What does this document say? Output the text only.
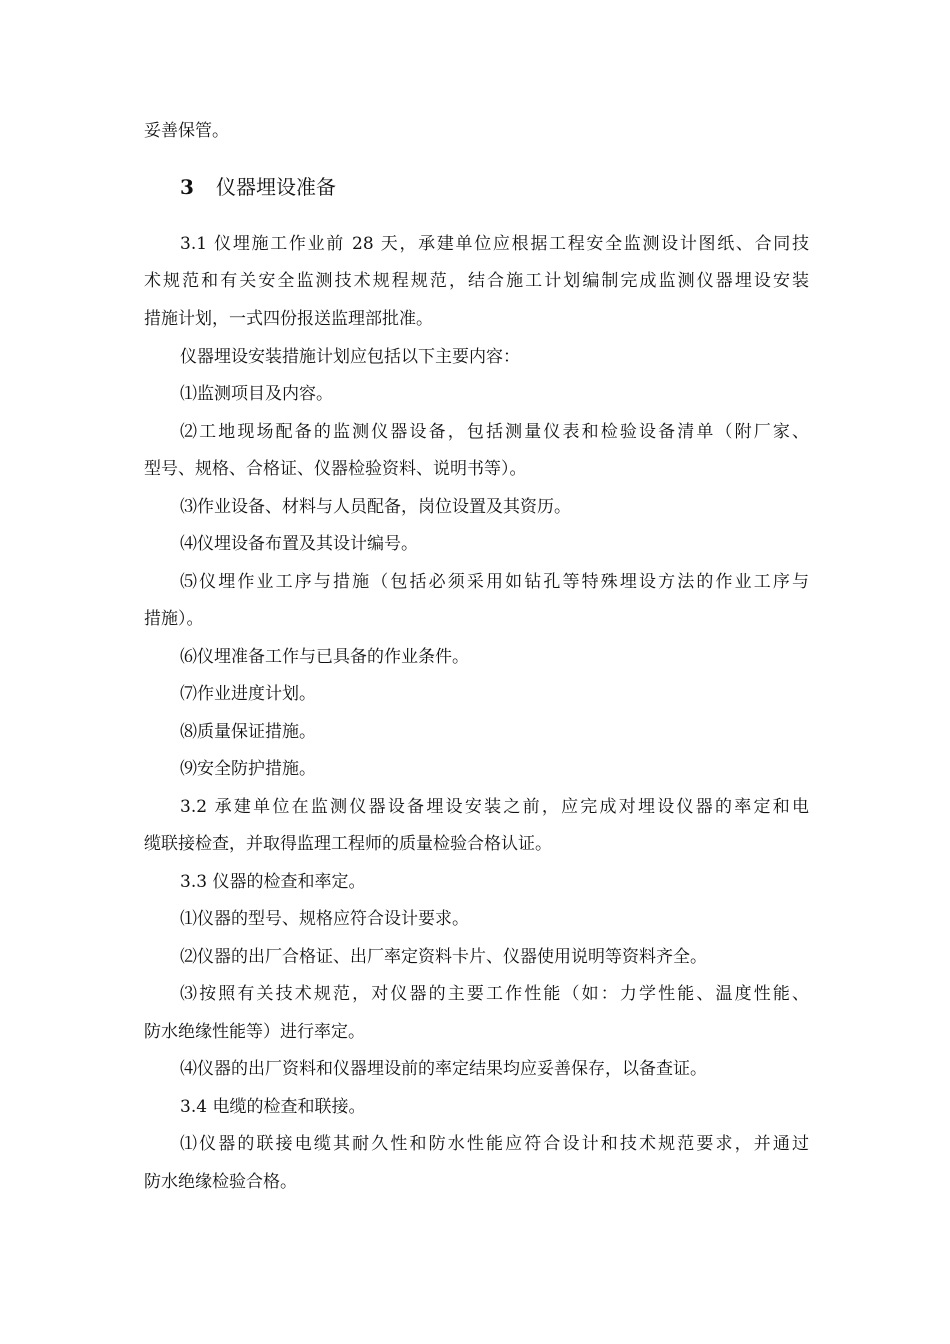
妥善保管。
3 仪器埋设准备
3.1 仪埋施工作业前 28 天，承建单位应根据工程安全监测设计图纸、合同技
术规范和有关安全监测技术规程规范，结合施工计划编制完成监测仪器埋设安装
措施计划，一式四份报送监理部批准。
仪器埋设安装措施计划应包括以下主要内容：
⑴监测项目及内容。
⑵工地现场配备的监测仪器设备，包括测量仪表和检验设备清单（附厂家、
型号、规格、合格证、仪器检验资料、说明书等）。
⑶作业设备、材料与人员配备，岗位设置及其资历。
⑷仪埋设备布置及其设计编号。
⑸仪埋作业工序与措施（包括必须采用如钻孔等特殊埋设方法的作业工序与
措施）。
⑹仪埋准备工作与已具备的作业条件。
⑺作业进度计划。
⑻质量保证措施。
⑼安全防护措施。
3.2 承建单位在监测仪器设备埋设安装之前，应完成对埋设仪器的率定和电
缆联接检查，并取得监理工程师的质量检验合格认证。
3.3 仪器的检查和率定。
⑴仪器的型号、规格应符合设计要求。
⑵仪器的出厂合格证、出厂率定资料卡片、仪器使用说明等资料齐全。
⑶按照有关技术规范，对仪器的主要工作性能（如：力学性能、温度性能、
防水绝缘性能等）进行率定。
⑷仪器的出厂资料和仪器埋设前的率定结果均应妥善保存，以备查证。
3.4 电缆的检查和联接。
⑴仪器的联接电缆其耐久性和防水性能应符合设计和技术规范要求，并通过
防水绝缘检验合格。
